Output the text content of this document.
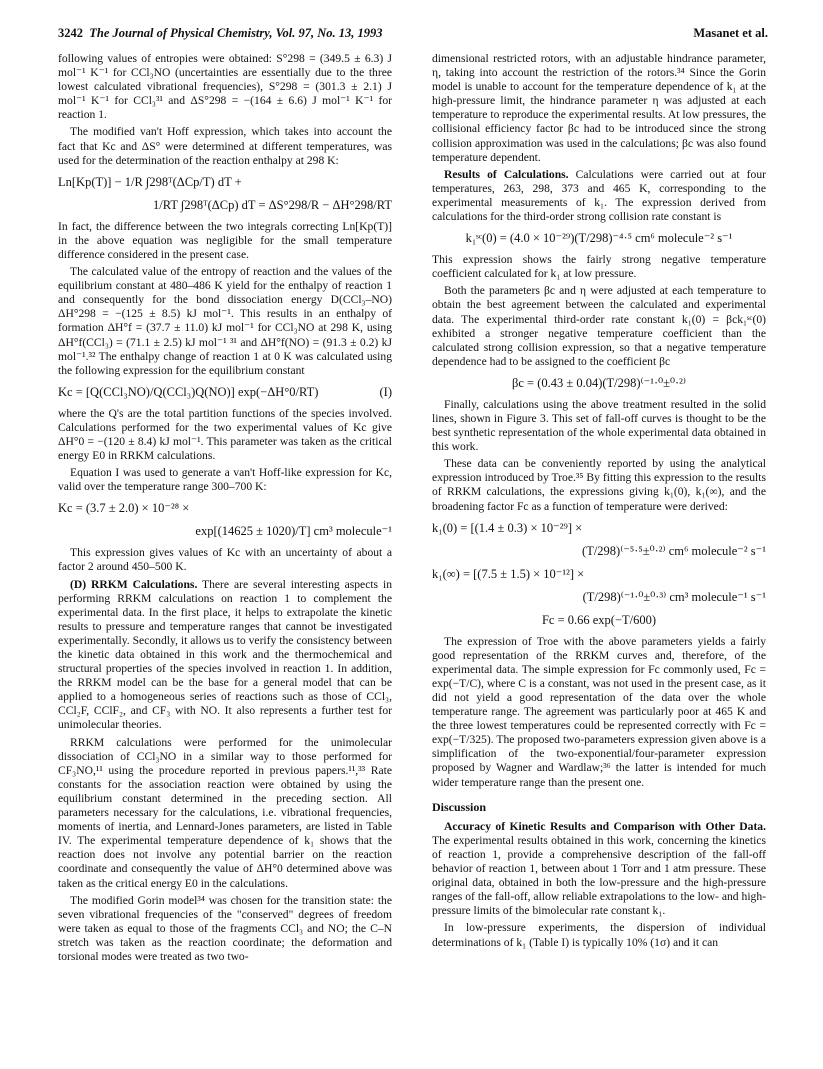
3242 The Journal of Physical Chemistry, Vol. 97, No. 13, 1993	Masanet et al.

following values of entropies were obtained: S°298 = (349.5 ± 6.3) J mol⁻¹ K⁻¹ for CCl₃NO (uncertainties are essentially due to the three lowest calculated vibrational frequencies), S°298 = (301.3 ± 2.1) J mol⁻¹ K⁻¹ for CCl₃³¹ and ΔS°298 = −(164 ± 6.6) J mol⁻¹ K⁻¹ for reaction 1.

The modified van't Hoff expression, which takes into account the fact that Kc and ΔS° were determined at different temperatures, was used for the determination of the reaction enthalpy at 298 K:

Ln[Kp(T)] − 1/R ∫298ᵀ(ΔCp/T) dT +
1/RT ∫298ᵀ(ΔCp) dT = ΔS°298/R − ΔH°298/RT

In fact, the difference between the two integrals correcting Ln[Kp(T)] in the above equation was negligible for the small temperature difference considered in the present case.

The calculated value of the entropy of reaction and the values of the equilibrium constant at 480–486 K yield for the enthalpy of reaction 1 and consequently for the bond dissociation energy D(CCl₃–NO) ΔH°298 = −(125 ± 8.5) kJ mol⁻¹. This results in an enthalpy of formation ΔH°f = (37.7 ± 11.0) kJ mol⁻¹ for CCl₃NO at 298 K, using ΔH°f(CCl₃) = (71.1 ± 2.5) kJ mol⁻¹ ³¹ and ΔH°f(NO) = (91.3 ± 0.2) kJ mol⁻¹.³² The enthalpy change of reaction 1 at 0 K was calculated using the following expression for the equilibrium constant

(I)
Kc = [Q(CCl₃NO)/Q(CCl₃)Q(NO)] exp(−ΔH°0/RT)

where the Q's are the total partition functions of the species involved. Calculations performed for the two experimental values of Kc give ΔH°0 = −(120 ± 8.4) kJ mol⁻¹. This parameter was taken as the critical energy E0 in RRKM calculations.

Equation I was used to generate a van't Hoff-like expression for Kc, valid over the temperature range 300–700 K:

Kc = (3.7 ± 2.0) × 10⁻²⁸ ×
exp[(14625 ± 1020)/T] cm³ molecule⁻¹

This expression gives values of Kc with an uncertainty of about a factor 2 around 450–500 K.

(D) RRKM Calculations. There are several interesting aspects in performing RRKM calculations on reaction 1 to complement the experimental data. In the first place, it helps to extrapolate the kinetic results to pressure and temperature ranges that cannot be investigated experimentally. Secondly, it allows us to verify the consistency between the kinetic data obtained in this work and the thermochemical and structural properties of the species involved in reaction 1. In addition, the RRKM model can be the base for a general model that can be applied to a homogeneous series of reactions such as those of CCl₃, CCl₂F, CClF₂, and CF₃ with NO. It also represents a further test for unimolecular theories.

RRKM calculations were performed for the unimolecular dissociation of CCl₃NO in a similar way to those performed for CF₃NO,¹¹ using the procedure reported in previous papers.¹¹,³³ Rate constants for the association reaction were obtained by using the equilibrium constant determined in the preceding section. All parameters necessary for the calculations, i.e. vibrational frequencies, moments of inertia, and Lennard-Jones parameters, are listed in Table IV. The experimental temperature dependence of k₁ shows that the reaction does not involve any potential barrier on the reaction coordinate and consequently the value of ΔH°0 determined above was taken as the critical energy E0 in the calculations.

The modified Gorin model³⁴ was chosen for the transition state: the seven vibrational frequencies of the "conserved" degrees of freedom were taken as equal to those of the fragments CCl₃ and NO; the C–N stretch was taken as the reaction coordinate; the deformation and torsional modes were treated as two two-

dimensional restricted rotors, with an adjustable hindrance parameter, η, taking into account the restriction of the rotors.³⁴ Since the Gorin model is unable to account for the temperature dependence of k₁ at the high-pressure limit, the hindrance parameter η was adjusted at each temperature to reproduce the experimental results. At low pressures, the collisional efficiency factor βc had to be introduced since the strong collision approximation was used in the calculations; βc was also found temperature dependent.

Results of Calculations. Calculations were carried out at four temperatures, 263, 298, 373 and 465 K, corresponding to the experimental measurements of k₁. The expression derived from calculations for the third-order strong collision rate constant is

k₁ˢᶜ(0) = (4.0 × 10⁻²⁹)(T/298)⁻⁴·⁵ cm⁶ molecule⁻² s⁻¹

This expression shows the fairly strong negative temperature coefficient calculated for k₁ at low pressure.

Both the parameters βc and η were adjusted at each temperature to obtain the best agreement between the calculated and experimental data. The experimental third-order rate constant k₁(0) = βck₁ˢᶜ(0) exhibited a stronger negative temperature coefficient than the calculated strong collision expression, so that a negative temperature dependence had to be assigned to the coefficient βc

βc = (0.43 ± 0.04)(T/298)⁽⁻¹·⁰±⁰·²⁾

Finally, calculations using the above treatment resulted in the solid lines, shown in Figure 3. This set of fall-off curves is thought to be the best synthetic representation of the whole experimental data obtained in this work.

These data can be conveniently reported by using the analytical expression introduced by Troe.³⁵ By fitting this expression to the results of RRKM calculations, the expressions giving k₁(0), k₁(∞), and the broadening factor Fc as a function of temperature were derived:

k₁(0) = [(1.4 ± 0.3) × 10⁻²⁹] ×
(T/298)⁽⁻⁵·⁵±⁰·²⁾ cm⁶ molecule⁻² s⁻¹
k₁(∞) = [(7.5 ± 1.5) × 10⁻¹²] ×
(T/298)⁽⁻¹·⁰±⁰·³⁾ cm³ molecule⁻¹ s⁻¹
Fc = 0.66 exp(−T/600)

The expression of Troe with the above parameters yields a fairly good representation of the RRKM curves and, therefore, of the experimental data. The simple expression for Fc commonly used, Fc = exp(−T/C), where C is a constant, was not used in the present case, as it did not yield a good representation of the data over the whole temperature range. The agreement was particularly poor at 465 K and the three lowest temperatures could be represented correctly with Fc = exp(−T/325). The proposed two-parameters expression given above is a simplification of the two-exponential/four-parameter expression proposed by Wagner and Wardlaw;³⁶ the latter is intended for much wider temperature range than the present one.

Discussion

Accuracy of Kinetic Results and Comparison with Other Data. The experimental results obtained in this work, concerning the kinetics of reaction 1, provide a comprehensive description of the fall-off behavior of reaction 1, between about 1 Torr and 1 atm pressure. These original data, obtained in both the low-pressure and the high-pressure ranges of the fall-off, allow reliable extrapolations to the low- and high-pressure limits of the bimolecular rate constant k₁.

In low-pressure experiments, the dispersion of individual determinations of k₁ (Table I) is typically 10% (1σ) and it can
